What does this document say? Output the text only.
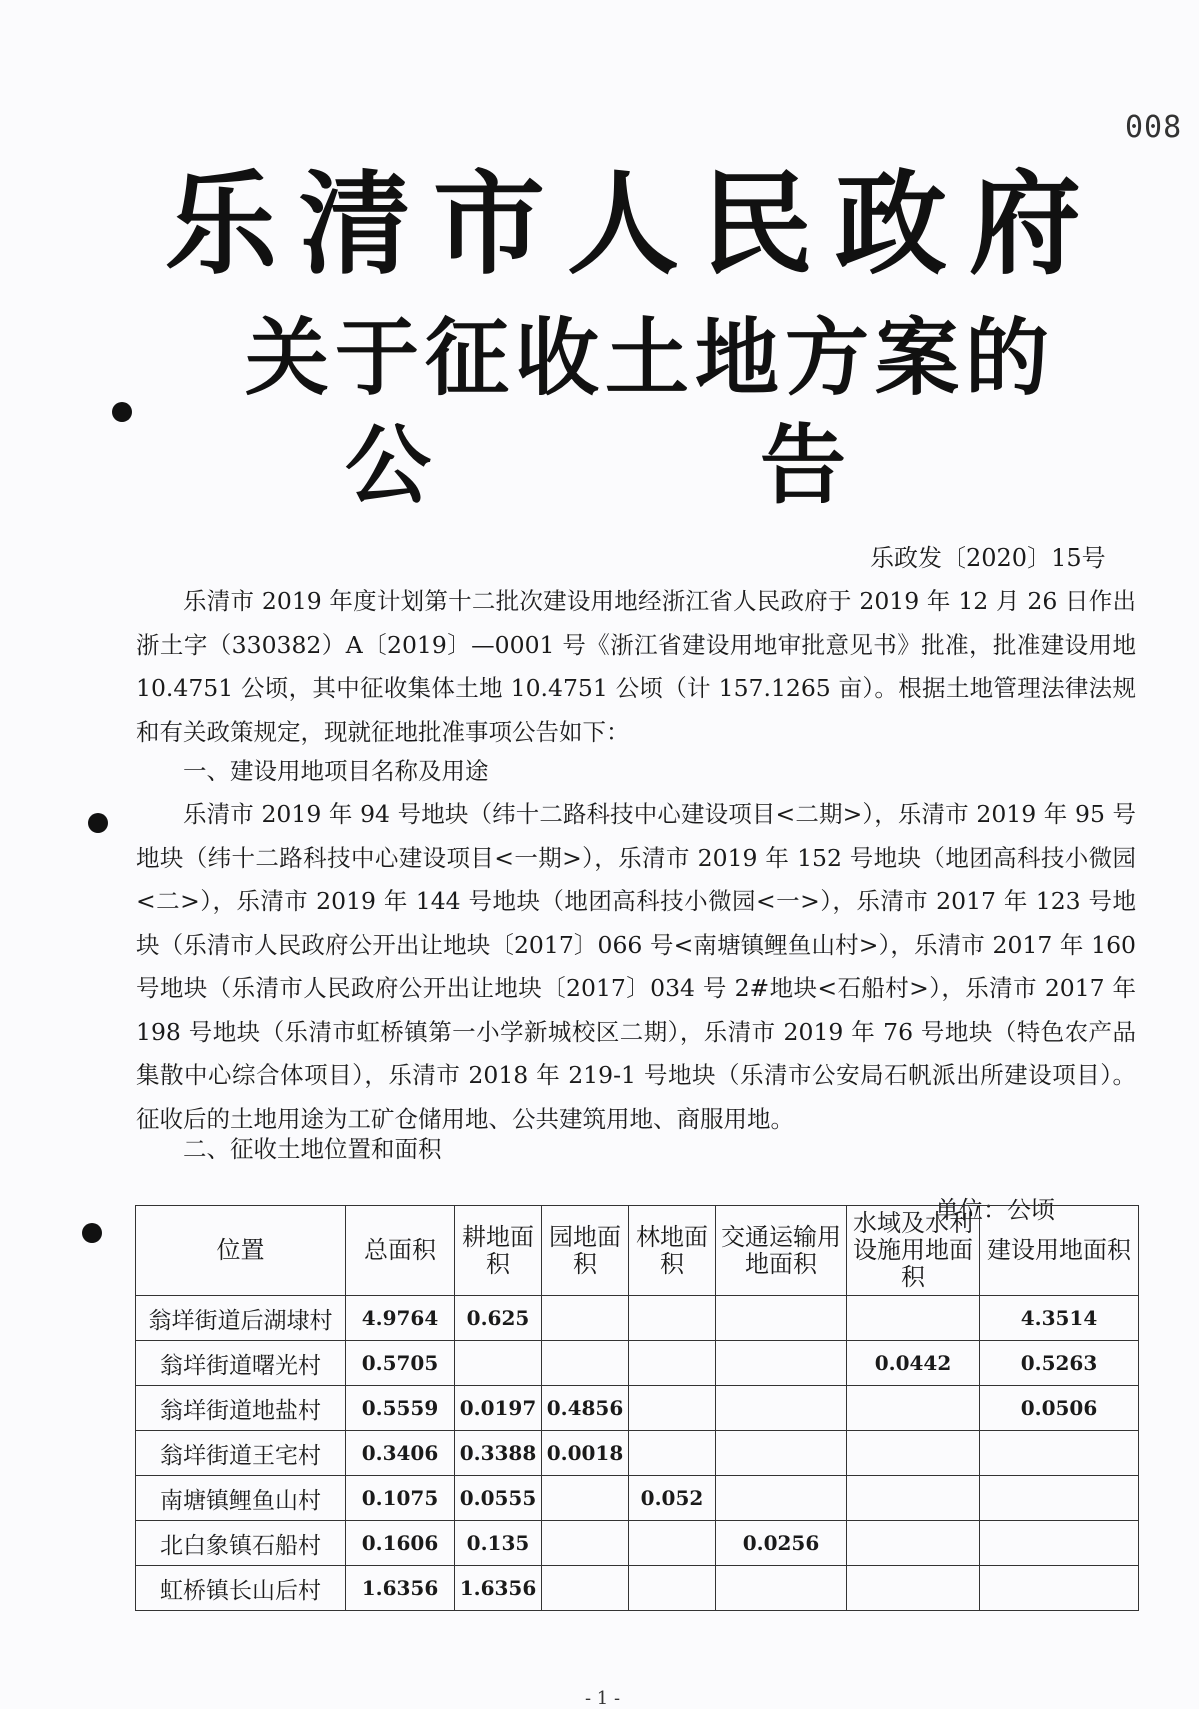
008
乐清市人民政府
关于征收土地方案的
公	告
乐政发〔2020〕15号

乐清市 2019 年度计划第十二批次建设用地经浙江省人民政府于 2019 年 12 月 26 日作出浙土字（330382）A〔2019〕—0001 号《浙江省建设用地审批意见书》批准，批准建设用地 10.4751 公顷，其中征收集体土地 10.4751 公顷（计 157.1265 亩）。根据土地管理法律法规和有关政策规定，现就征地批准事项公告如下：

一、建设用地项目名称及用途

乐清市 2019 年 94 号地块（纬十二路科技中心建设项目<二期>），乐清市 2019 年 95 号地块（纬十二路科技中心建设项目<一期>），乐清市 2019 年 152 号地块（地团高科技小微园<二>），乐清市 2019 年 144 号地块（地团高科技小微园<一>），乐清市 2017 年 123 号地块（乐清市人民政府公开出让地块〔2017〕066 号<南塘镇鲤鱼山村>），乐清市 2017 年 160 号地块（乐清市人民政府公开出让地块〔2017〕034 号 2#地块<石船村>），乐清市 2017 年 198 号地块（乐清市虹桥镇第一小学新城校区二期），乐清市 2019 年 76 号地块（特色农产品集散中心综合体项目），乐清市 2018 年 219-1 号地块（乐清市公安局石帆派出所建设项目）。征收后的土地用途为工矿仓储用地、公共建筑用地、商服用地。

二、征收土地位置和面积

单位：公顷
位置	总面积	耕地面积	园地面积	林地面积	交通运输用地面积	水域及水利设施用地面积	建设用地面积
翁垟街道后湖埭村	4.9764	0.625					4.3514
翁垟街道曙光村	0.5705					0.0442	0.5263
翁垟街道地盐村	0.5559	0.0197	0.4856				0.0506
翁垟街道王宅村	0.3406	0.3388	0.0018				
南塘镇鲤鱼山村	0.1075	0.0555		0.052			
北白象镇石船村	0.1606	0.135			0.0256		
虹桥镇长山后村	1.6356	1.6356					
- 1 -
